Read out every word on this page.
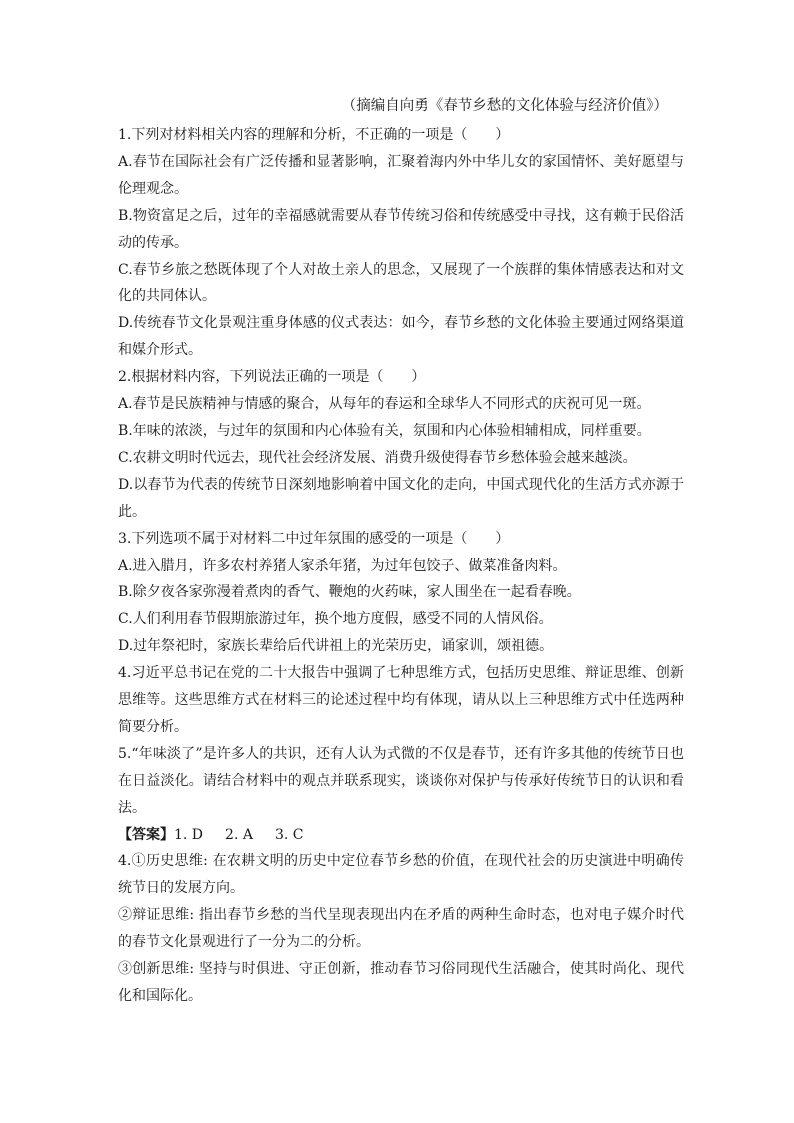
（摘编自向勇《春节乡愁的文化体验与经济价值》）

1.下列对材料相关内容的理解和分析，不正确的一项是（　　）

A.春节在国际社会有广泛传播和显著影响，汇聚着海内外中华儿女的家国情怀、美好愿望与伦理观念。

B.物资富足之后，过年的幸福感就需要从春节传统习俗和传统感受中寻找，这有赖于民俗活动的传承。

C.春节乡旅之愁既体现了个人对故土亲人的思念，又展现了一个族群的集体情感表达和对文化的共同体认。

D.传统春节文化景观注重身体感的仪式表达：如今，春节乡愁的文化体验主要通过网络渠道和媒介形式。

2.根据材料内容，下列说法正确的一项是（　　）

A.春节是民族精神与情感的聚合，从每年的春运和全球华人不同形式的庆祝可见一斑。

B.年味的浓淡，与过年的氛围和内心体验有关，氛围和内心体验相辅相成，同样重要。

C.农耕文明时代远去，现代社会经济发展、消费升级使得春节乡愁体验会越来越淡。

D.以春节为代表的传统节日深刻地影响着中国文化的走向，中国式现代化的生活方式亦源于此。

3.下列选项不属于对材料二中过年氛围的感受的一项是（　　）

A.进入腊月，许多农村养猪人家杀年猪，为过年包饺子、做菜准备肉料。

B.除夕夜各家弥漫着煮肉的香气、鞭炮的火药味，家人围坐在一起看春晚。

C.人们利用春节假期旅游过年，换个地方度假，感受不同的人情风俗。

D.过年祭祀时，家族长辈给后代讲祖上的光荣历史，诵家训，颂祖德。

4.习近平总书记在党的二十大报告中强调了七种思维方式，包括历史思维、辩证思维、创新思维等。这些思维方式在材料三的论述过程中均有体现，请从以上三种思维方式中任选两种简要分析。

5.“年味淡了”是许多人的共识，还有人认为式微的不仅是春节，还有许多其他的传统节日也在日益淡化。请结合材料中的观点并联系现实，谈谈你对保护与传承好传统节日的认识和看法。

【答案】1. D 2. A 3. C

4.①历史思维: 在农耕文明的历史中定位春节乡愁的价值，在现代社会的历史演进中明确传统节日的发展方向。

②辩证思维: 指出春节乡愁的当代呈现表现出内在矛盾的两种生命时态，也对电子媒介时代的春节文化景观进行了一分为二的分析。

③创新思维: 坚持与时俱进、守正创新，推动春节习俗同现代生活融合，使其时尚化、现代化和国际化。
